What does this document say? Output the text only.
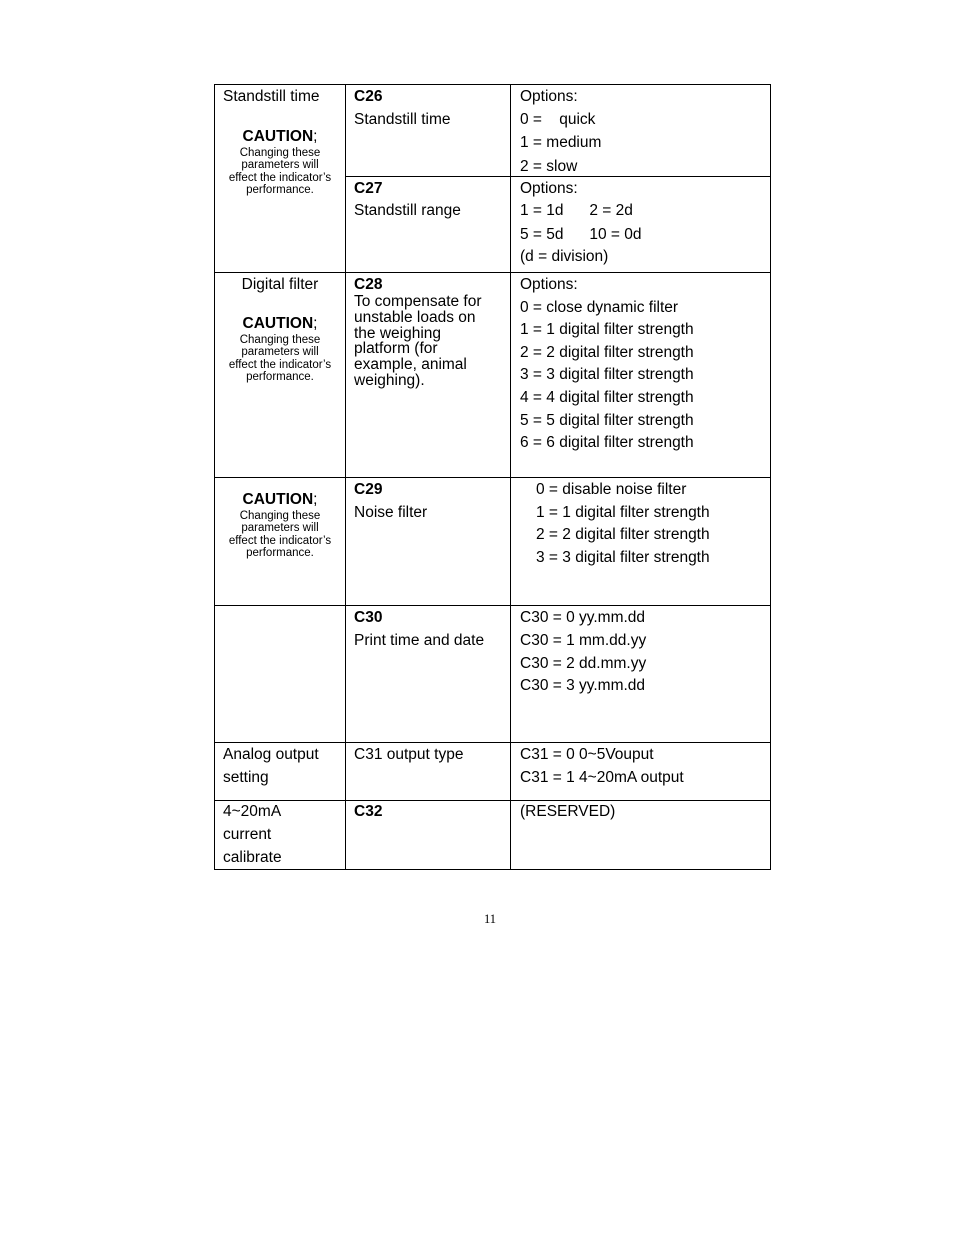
Standstill time
CAUTION;
Changing these
parameters will
effect the indicator’s
performance.
C26
Standstill time
Options:
0 =    quick
1 = medium
2 = slow
C27
Standstill range
Options:
1 = 1d      2 = 2d
5 = 5d      10 = 0d
(d = division)
Digital filter
CAUTION;
Changing these
parameters will
effect the indicator’s
performance.
C28
To compensate for
unstable loads on
the weighing
platform (for
example, animal
weighing).
Options:
0 = close dynamic filter
1 = 1 digital filter strength
2 = 2 digital filter strength
3 = 3 digital filter strength
4 = 4 digital filter strength
5 = 5 digital filter strength
6 = 6 digital filter strength
CAUTION;
Changing these
parameters will
effect the indicator’s
performance.
C29
Noise filter
0 = disable noise filter
1 = 1 digital filter strength
2 = 2 digital filter strength
3 = 3 digital filter strength
C30
Print time and date
C30 = 0 yy.mm.dd
C30 = 1 mm.dd.yy
C30 = 2 dd.mm.yy
C30 = 3 yy.mm.dd
Analog output
setting
C31 output type	C31 = 0 0~5Vouput
C31 = 1 4~20mA output
4~20mA
current
calibrate
C32	(RESERVED)
11
